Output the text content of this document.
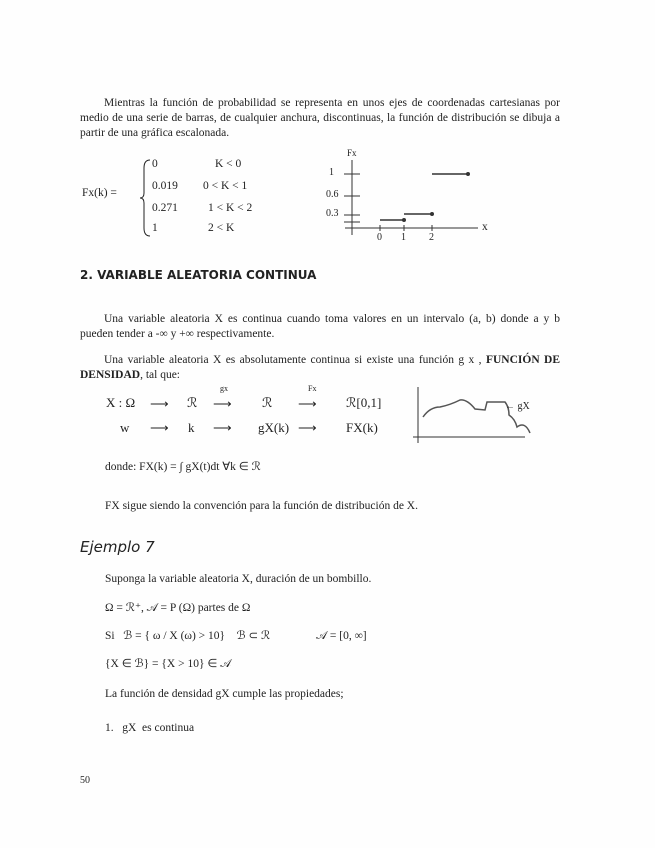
Mientras la función de probabilidad se representa en unos ejes de coordenadas cartesianas por medio de una serie de barras, de cualquier anchura, discontinuas, la función de distribución se dibuja a partir de una gráfica escalonada.
Fx(k) =
0	K < 0
0.019 0 < K < 1
0.271	1 < K < 2
1	2 < K
Fx
x
1
0.6
0.3
0 1 2
2. VARIABLE ALEATORIA CONTINUA
Una variable aleatoria X es continua cuando toma valores en un intervalo (a, b) donde a y b pueden tender a -∞ y +∞ respectivamente.
Una variable aleatoria X es absolutamente continua si existe una función g x , FUNCIÓN DE DENSIDAD, tal que:
X : Ω ⟶ ℛ ⟶
gx
ℛ ⟶
Fx
ℛ[0,1]
w ⟶ k ⟶ gX(k) ⟶ FX(k)
← gX
donde: FX(k) = ∫ gX(t)dt ∀k ∈ ℛ
FX sigue siendo la convención para la función de distribución de X.
Ejemplo 7
Suponga la variable aleatoria X, duración de un bombillo.
Ω = ℛ⁺, 𝒜 = P (Ω) partes de Ω
Si   ℬ = { ω / X (ω) > 10}    ℬ ⊂ ℛ                𝒜 = [0, ∞]
{X ∈ ℬ} = {X > 10} ∈ 𝒜
La función de densidad gX cumple las propiedades;
1.   gX  es continua
50
